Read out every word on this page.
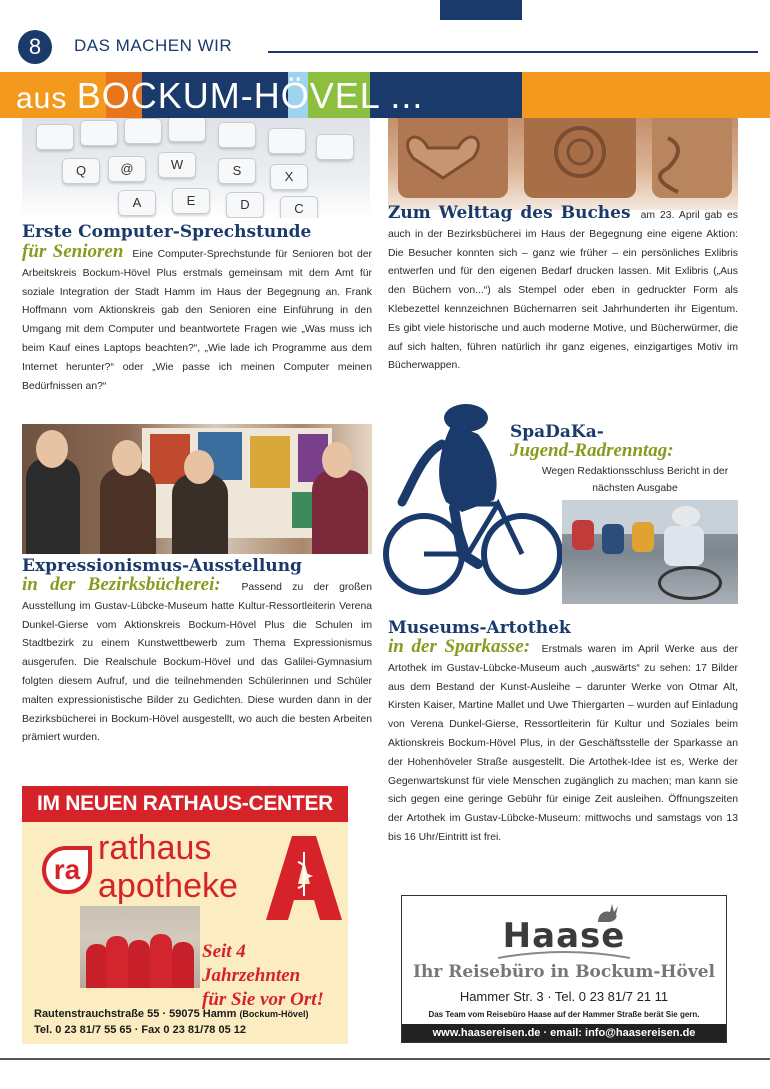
8	DAS MACHEN WIR
aus BOCKUM-HÖVEL ...
Q	@	W	S	X
A	E	D	C
Erste Computer-Sprechstunde
für Senioren Eine Computer-Sprechstunde für Senioren bot der Arbeitskreis Bockum-Hövel Plus erstmals gemeinsam mit dem Amt für soziale Integration der Stadt Hamm im Haus der Begegnung an. Frank Hoffmann vom Aktionskreis gab den Senioren eine Einführung in den Umgang mit dem Computer und beantwortete Fragen wie „Was muss ich beim Kauf eines Laptops beachten?“, „Wie lade ich Programme aus dem Internet herunter?“ oder „Wie passe ich meinen Computer meinen Bedürfnissen an?“
Zum Welttag des Buches am 23. April gab es auch in der Bezirksbücherei im Haus der Begegnung eine eigene Aktion: Die Besucher konnten sich – ganz wie früher – ein persönliches Exlibris entwerfen und für den eigenen Bedarf drucken lassen. Mit Exlibris („Aus den Büchern von...“) als Stempel oder eben in gedruckter Form als Klebezettel kennzeichnen Büchernarren seit Jahrhunderten ihr Eigentum. Es gibt viele historische und auch moderne Motive, und Bücherwürmer, die auf sich halten, führen natürlich ihr ganz eigenes, einzigartiges Motiv im Bücherwappen.
Expressionismus-Ausstellung
in der Bezirksbücherei: Passend zu der großen Ausstellung im Gustav-Lübcke-Museum hatte Kultur-Ressortleiterin Verena Dunkel-Gierse vom Aktionskreis Bockum-Hövel Plus die Schulen im Stadtbezirk zu einem Kunstwettbewerb zum Thema Expressionismus ausgerufen. Die Realschule Bockum-Hövel und das Galilei-Gymnasium folgten diesem Aufruf, und die teilnehmenden Schülerinnen und Schüler malten expressionistische Bilder zu Gedichten. Diese wurden dann in der Bezirksbücherei in Bockum-Hövel ausgestellt, wo auch die besten Arbeiten prämiert wurden.
SpaDaKa-
Jugend-Radrenntag:
Wegen Redaktionsschluss Bericht in der nächsten Ausgabe
Museums-Artothek
in der Sparkasse: Erstmals waren im April Werke aus der Artothek im Gustav-Lübcke-Museum auch „auswärts“ zu sehen: 17 Bilder aus dem Bestand der Kunst-Ausleihe – darunter Werke von Otmar Alt, Kirsten Kaiser, Martine Mallet und Uwe Thiergarten – wurden auf Einladung von Verena Dunkel-Gierse, Ressortleiterin für Kultur und Soziales beim Aktionskreis Bockum-Hövel Plus, in der Geschäftsstelle der Sparkasse an der Hohenhöveler Straße ausgestellt. Die Artothek-Idee ist es, Werke der Gegenwartskunst für viele Menschen zugänglich zu machen; man kann sie sich gegen eine geringe Gebühr für einige Zeit ausleihen. Öffnungszeiten der Artothek im Gustav-Lübcke-Museum: mittwochs und samstags von 13 bis 16 Uhr/Eintritt ist frei.
IM NEUEN RATHAUS-CENTER
ra
rathaus
apotheke
Seit 4 Jahrzehnten
für Sie vor Ort!
Rautenstrauchstraße 55 · 59075 Hamm (Bockum-Hövel)
Tel. 0 23 81/7 55 65 · Fax 0 23 81/78 05 12
Haase
Ihr Reisebüro in Bockum-Hövel
Hammer Str. 3 · Tel. 0 23 81/7 21 11
Das Team vom Reisebüro Haase auf der Hammer Straße berät Sie gern.
www.haasereisen.de · email: info@haasereisen.de
